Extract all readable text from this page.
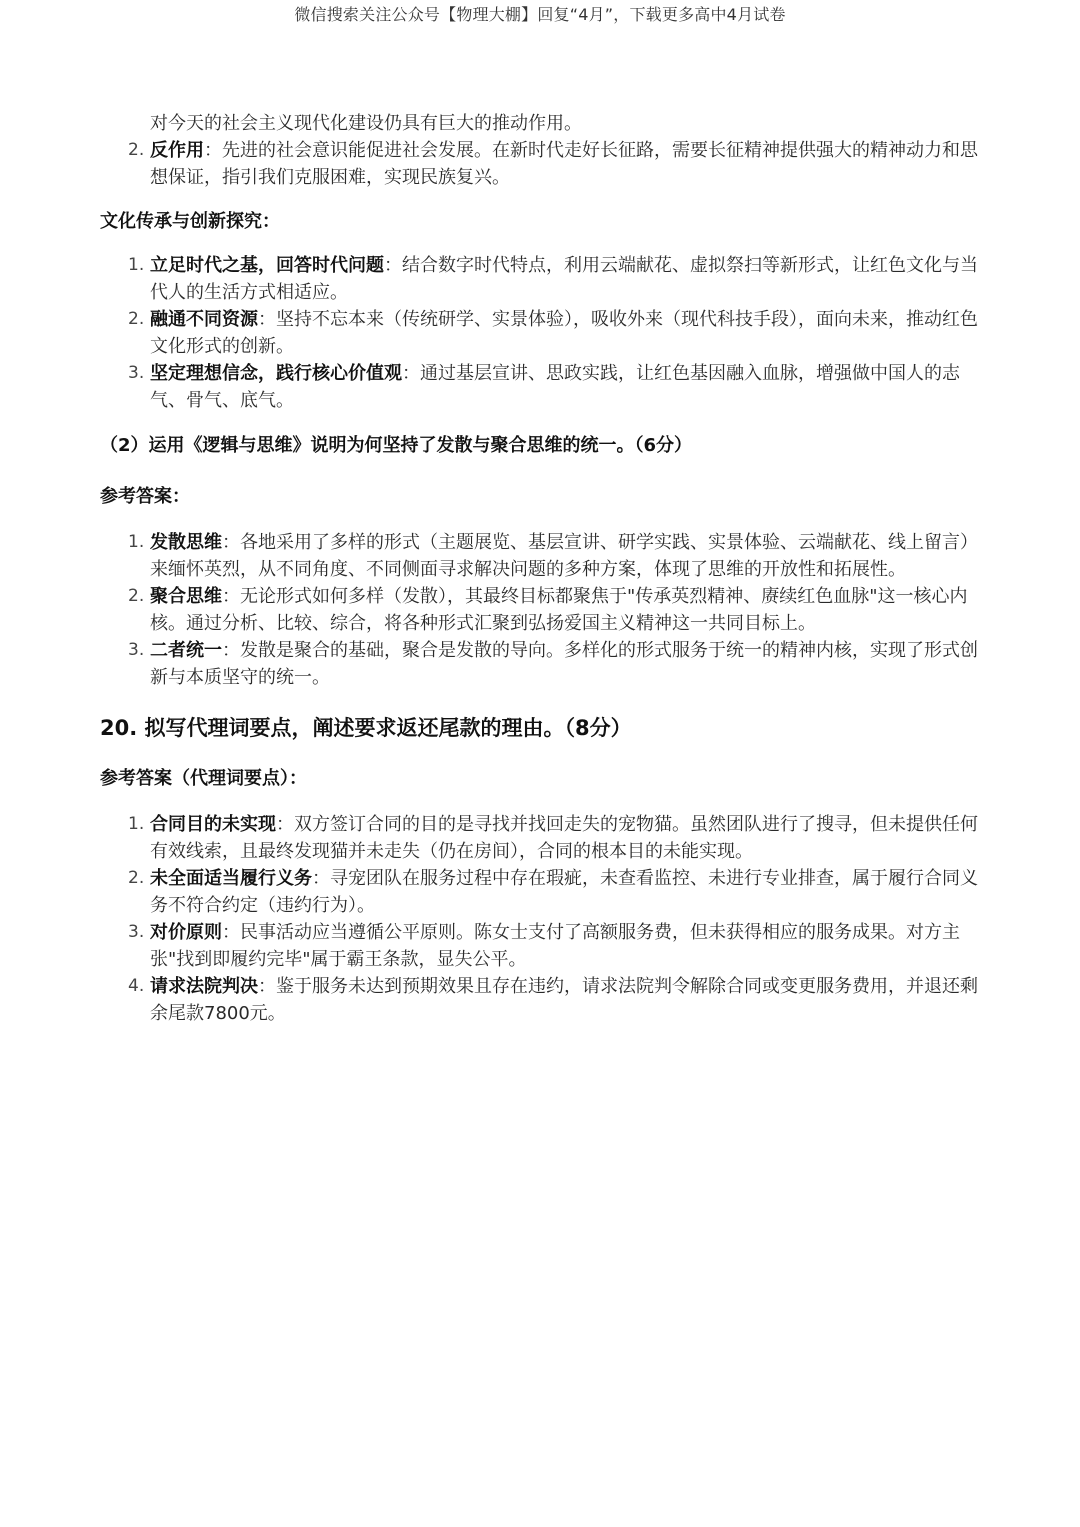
微信搜索关注公众号【物理大棚】回复“4月”，下载更多高中4月试卷
对今天的社会主义现代化建设仍具有巨大的推动作用。
2. 反作用：先进的社会意识能促进社会发展。在新时代走好长征路，需要长征精神提供强大的精神动力和思想保证，指引我们克服困难，实现民族复兴。
文化传承与创新探究：
1. 立足时代之基，回答时代问题：结合数字时代特点，利用云端献花、虚拟祭扫等新形式，让红色文化与当代人的生活方式相适应。
2. 融通不同资源：坚持不忘本来（传统研学、实景体验），吸收外来（现代科技手段），面向未来，推动红色文化形式的创新。
3. 坚定理想信念，践行核心价值观：通过基层宣讲、思政实践，让红色基因融入血脉，增强做中国人的志气、骨气、底气。
（2）运用《逻辑与思维》说明为何坚持了发散与聚合思维的统一。（6分）
参考答案：
1. 发散思维：各地采用了多样的形式（主题展览、基层宣讲、研学实践、实景体验、云端献花、线上留言）来缅怀英烈，从不同角度、不同侧面寻求解决问题的多种方案，体现了思维的开放性和拓展性。
2. 聚合思维：无论形式如何多样（发散），其最终目标都聚焦于"传承英烈精神、赓续红色血脉"这一核心内核。通过分析、比较、综合，将各种形式汇聚到弘扬爱国主义精神这一共同目标上。
3. 二者统一：发散是聚合的基础，聚合是发散的导向。多样化的形式服务于统一的精神内核，实现了形式创新与本质坚守的统一。
20. 拟写代理词要点，阐述要求返还尾款的理由。（8分）
参考答案（代理词要点）：
1. 合同目的未实现：双方签订合同的目的是寻找并找回走失的宠物猫。虽然团队进行了搜寻，但未提供任何有效线索，且最终发现猫并未走失（仍在房间），合同的根本目的未能实现。
2. 未全面适当履行义务：寻宠团队在服务过程中存在瑕疵，未查看监控、未进行专业排查，属于履行合同义务不符合约定（违约行为）。
3. 对价原则：民事活动应当遵循公平原则。陈女士支付了高额服务费，但未获得相应的服务成果。对方主张"找到即履约完毕"属于霸王条款，显失公平。
4. 请求法院判决：鉴于服务未达到预期效果且存在违约，请求法院判令解除合同或变更服务费用，并退还剩余尾款7800元。
